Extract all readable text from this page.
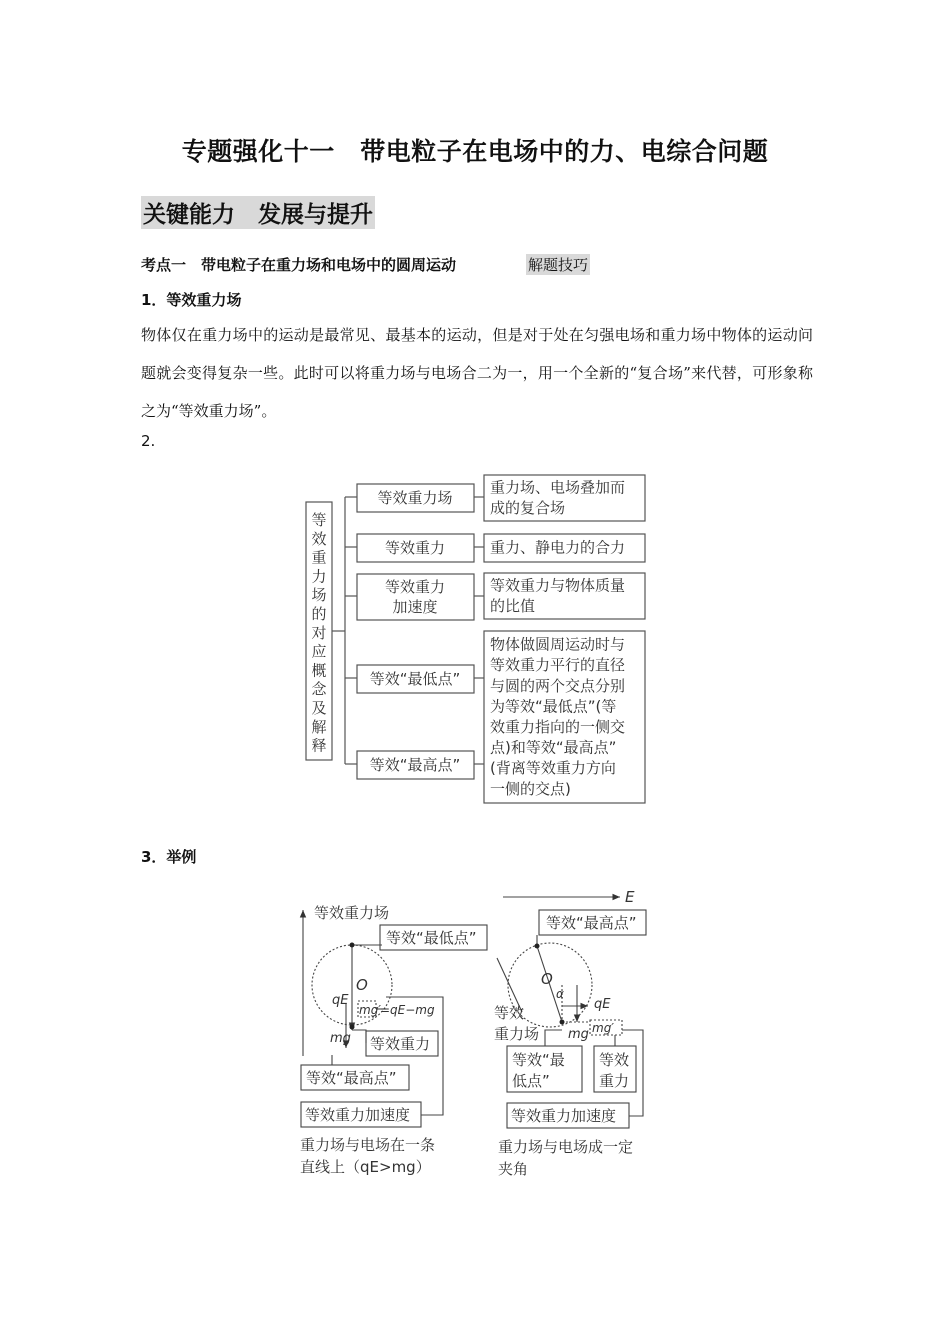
专题强化十一　带电粒子在电场中的力、电综合问题
关键能力　发展与提升
考点一　带电粒子在重力场和电场中的圆周运动	解题技巧
1．等效重力场
物体仅在重力场中的运动是最常见、最基本的运动，但是对于处在匀强电场和重力场中物体的运动问题就会变得复杂一些。此时可以将重力场与电场合二为一，用一个全新的“复合场”来代替，可形象称之为“等效重力场”。
2.
等
效
重
力
场
的
对
应
概
念
及
解
释
等效重力场
等效重力
等效重力
加速度
等效“最低点”
等效“最高点”
重力场、电场叠加而
成的复合场
重力、静电力的合力
等效重力与物体质量
的比值
物体做圆周运动时与
等效重力平行的直径
与圆的两个交点分别
为等效“最低点”(等
效重力指向的一侧交
点)和等效“最高点”
(背离等效重力方向
一侧的交点)
3．举例
等效重力场
等效“最低点”
O
qE
mg′
=qE−mg
mg 等效重力
等效“最高点”
等效重力加速度
重力场与电场在一条
直线上（qE>mg）
E
等效“最高点”
O
α
qE
mg mg′
等效
重力场
等效“最
低点”
等效
重力
等效重力加速度
重力场与电场成一定
夹角
